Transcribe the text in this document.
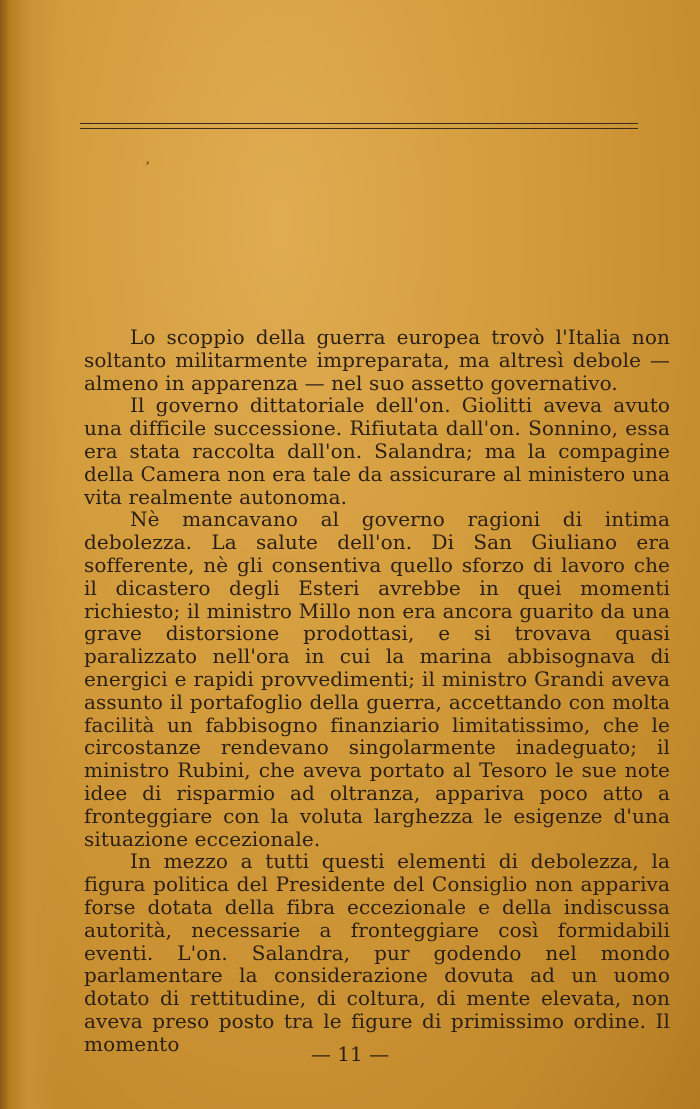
ʼ

Lo scoppio della guerra europea trovò l'Italia non soltanto militarmente impreparata, ma altresì debole — almeno in apparenza — nel suo assetto governativo.

Il governo dittatoriale dell'on. Giolitti aveva avuto una difficile successione. Rifiutata dall'on. Sonnino, essa era stata raccolta dall'on. Salandra; ma la compagine della Camera non era tale da assicurare al ministero una vita realmente autonoma.

Nè mancavano al governo ragioni di intima debolezza. La salute dell'on. Di San Giuliano era sofferente, nè gli consentiva quello sforzo di lavoro che il dicastero degli Esteri avrebbe in quei momenti richiesto; il ministro Millo non era ancora guarito da una grave distorsione prodottasi, e si trovava quasi paralizzato nell'ora in cui la marina abbisognava di energici e rapidi provvedimenti; il ministro Grandi aveva assunto il portafoglio della guerra, accettando con molta facilità un fabbisogno finanziario limitatissimo, che le circostanze rendevano singolarmente inadeguato; il ministro Rubini, che aveva portato al Tesoro le sue note idee di risparmio ad oltranza, appariva poco atto a fronteggiare con la voluta larghezza le esigenze d'una situazione eccezionale.

In mezzo a tutti questi elementi di debolezza, la figura politica del Presidente del Consiglio non appariva forse dotata della fibra eccezionale e della indiscussa autorità, necessarie a fronteggiare così formidabili eventi. L'on. Salandra, pur godendo nel mondo parlamentare la considerazione dovuta ad un uomo dotato di rettitudine, di coltura, di mente elevata, non aveva preso posto tra le figure di primissimo ordine. Il momento	— 11 —
